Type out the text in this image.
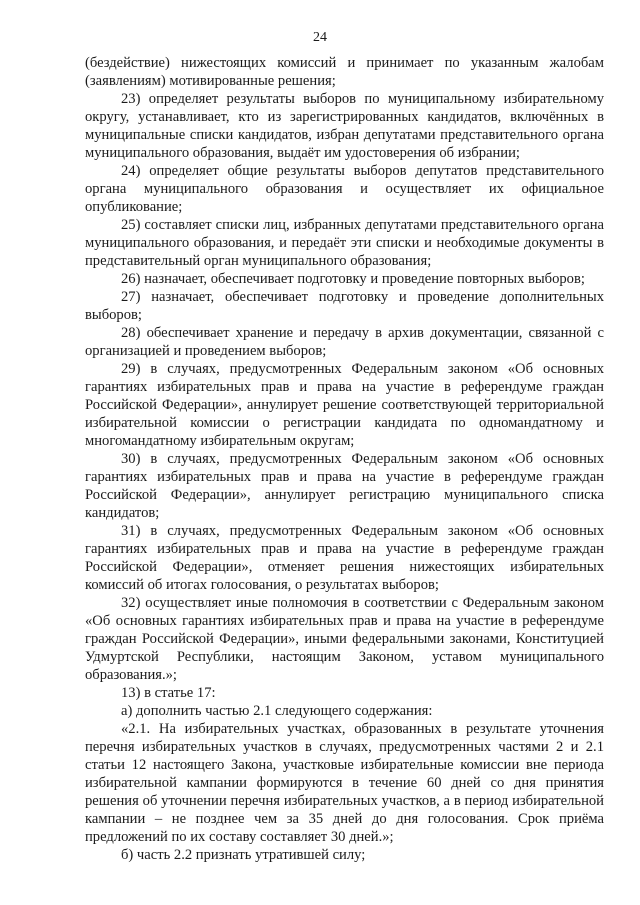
24

(бездействие) нижестоящих комиссий и принимает по указанным жалобам (заявлениям) мотивированные решения;

23) определяет результаты выборов по муниципальному избирательному округу, устанавливает, кто из зарегистрированных кандидатов, включённых в муниципальные списки кандидатов, избран депутатами представительного органа муниципального образования, выдаёт им удостоверения об избрании;

24) определяет общие результаты выборов депутатов представительного органа муниципального образования и осуществляет их официальное опубликование;

25) составляет списки лиц, избранных депутатами представительного органа муниципального образования, и передаёт эти списки и необходимые документы в представительный орган муниципального образования;

26) назначает, обеспечивает подготовку и проведение повторных выборов;

27) назначает, обеспечивает подготовку и проведение дополнительных выборов;

28) обеспечивает хранение и передачу в архив документации, связанной с организацией и проведением выборов;

29) в случаях, предусмотренных Федеральным законом «Об основных гарантиях избирательных прав и права на участие в референдуме граждан Российской Федерации», аннулирует решение соответствующей территориальной избирательной комиссии о регистрации кандидата по одномандатному и многомандатному избирательным округам;

30) в случаях, предусмотренных Федеральным законом «Об основных гарантиях избирательных прав и права на участие в референдуме граждан Российской Федерации», аннулирует регистрацию муниципального списка кандидатов;

31) в случаях, предусмотренных Федеральным законом «Об основных гарантиях избирательных прав и права на участие в референдуме граждан Российской Федерации», отменяет решения нижестоящих избирательных комиссий об итогах голосования, о результатах выборов;

32) осуществляет иные полномочия в соответствии с Федеральным законом «Об основных гарантиях избирательных прав и права на участие в референдуме граждан Российской Федерации», иными федеральными законами, Конституцией Удмуртской Республики, настоящим Законом, уставом муниципального образования.»;

13) в статье 17:

а) дополнить частью 2.1 следующего содержания:

«2.1. На избирательных участках, образованных в результате уточнения перечня избирательных участков в случаях, предусмотренных частями 2 и 2.1 статьи 12 настоящего Закона, участковые избирательные комиссии вне периода избирательной кампании формируются в течение 60 дней со дня принятия решения об уточнении перечня избирательных участков, а в период избирательной кампании – не позднее чем за 35 дней до дня голосования. Срок приёма предложений по их составу составляет 30 дней.»;

б) часть 2.2 признать утратившей силу;
